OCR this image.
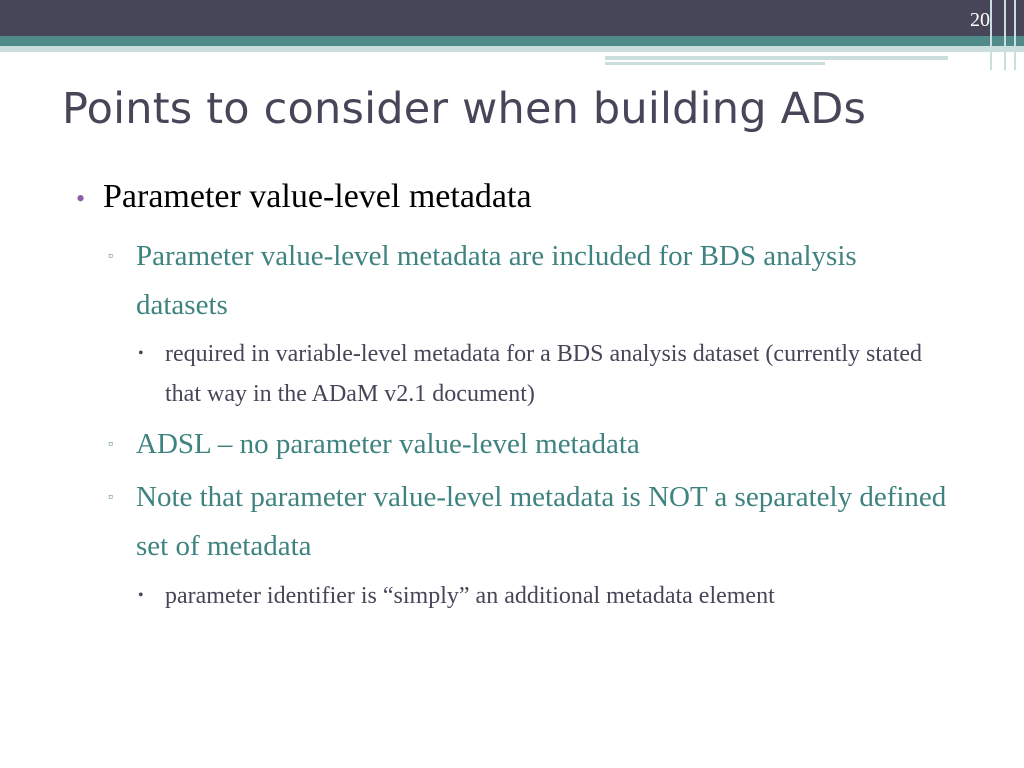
20
Points to consider when building ADs
• Parameter value-level metadata
▫ Parameter value-level metadata are included for BDS analysis datasets
• required in variable-level metadata for a BDS analysis dataset (currently stated that way in the ADaM v2.1 document)
▫ ADSL – no parameter value-level metadata
▫ Note that parameter value-level metadata is NOT a separately defined set of metadata
• parameter identifier is “simply” an additional metadata element
